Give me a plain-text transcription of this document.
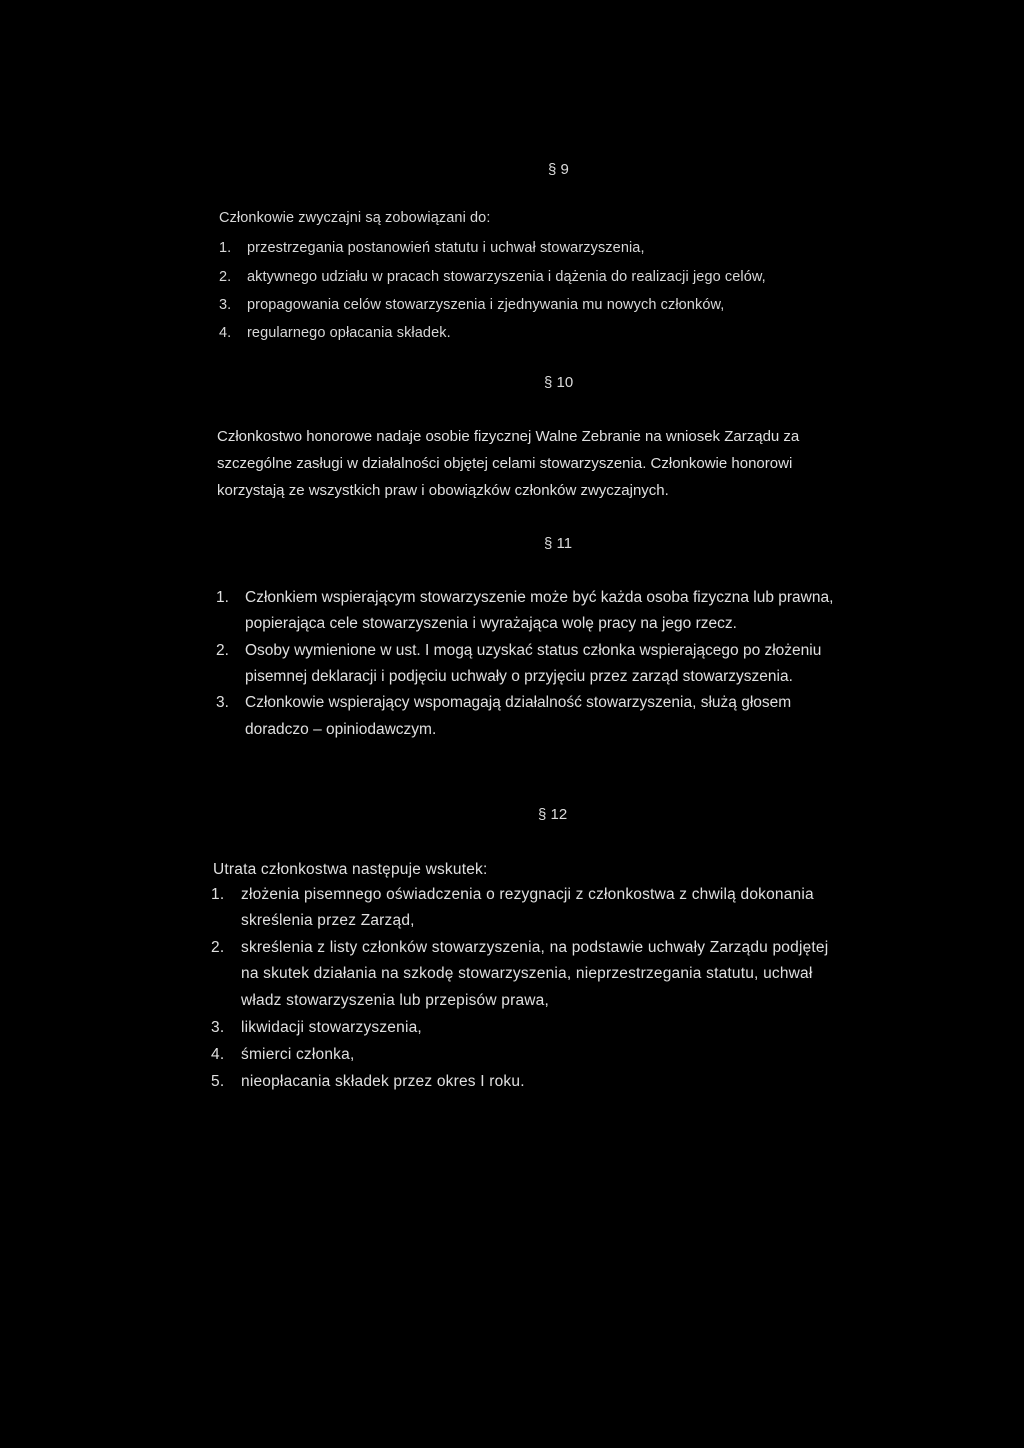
§ 9
Członkowie zwyczajni są zobowiązani do:
1. przestrzegania postanowień statutu i uchwał stowarzyszenia,
2. aktywnego udziału w pracach stowarzyszenia i dążenia do realizacji jego celów,
3. propagowania celów stowarzyszenia i zjednywania mu nowych członków,
4. regularnego opłacania składek.
§ 10
Członkostwo honorowe nadaje osobie fizycznej Walne Zebranie na wniosek Zarządu za
szczególne zasługi w działalności objętej celami stowarzyszenia. Członkowie honorowi
korzystają ze wszystkich praw i obowiązków członków zwyczajnych.
§ 11
1. Członkiem wspierającym stowarzyszenie może być każda osoba fizyczna lub prawna,
popierająca cele stowarzyszenia i wyrażająca wolę pracy na jego rzecz.
2. Osoby wymienione w ust. I mogą uzyskać status członka wspierającego po złożeniu
pisemnej deklaracji i podjęciu uchwały o przyjęciu przez zarząd stowarzyszenia.
3. Członkowie wspierający wspomagają działalność stowarzyszenia, służą głosem
doradczo – opiniodawczym.
§ 12
Utrata członkostwa następuje wskutek:
1. złożenia pisemnego oświadczenia o rezygnacji z członkostwa z chwilą dokonania
skreślenia przez Zarząd,
2. skreślenia z listy członków stowarzyszenia, na podstawie uchwały Zarządu podjętej
na skutek działania na szkodę stowarzyszenia, nieprzestrzegania statutu, uchwał
władz stowarzyszenia lub przepisów prawa,
3. likwidacji stowarzyszenia,
4. śmierci członka,
5. nieopłacania składek przez okres I roku.
